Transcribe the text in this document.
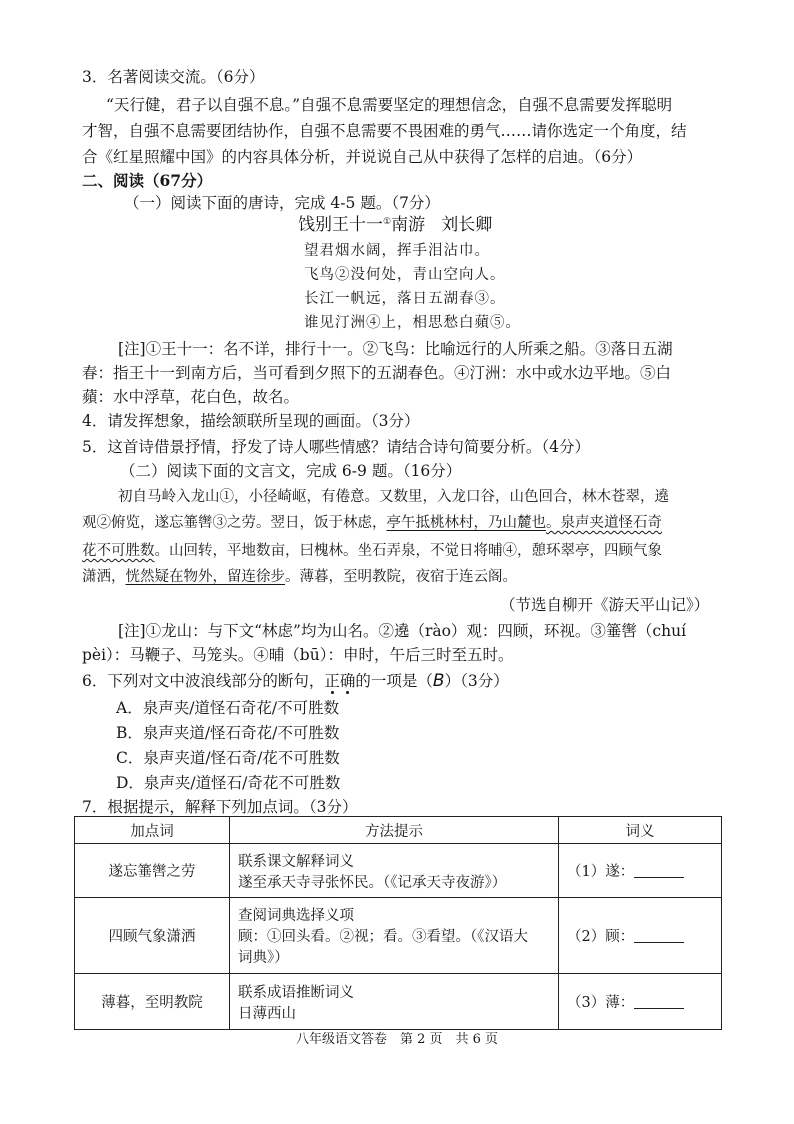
3．名著阅读交流。（6分）
“天行健，君子以自强不息。”自强不息需要坚定的理想信念，自强不息需要发挥聪明
才智，自强不息需要团结协作，自强不息需要不畏困难的勇气……请你选定一个角度，结
合《红星照耀中国》的内容具体分析，并说说自己从中获得了怎样的启迪。（6分）
二、阅读（67分）
（一）阅读下面的唐诗，完成 4-5 题。（7分）
饯别王十一①南游 刘长卿
望君烟水阔，挥手泪沾巾。
飞鸟②没何处，青山空向人。
长江一帆远，落日五湖春③。
谁见汀洲④上，相思愁白蘋⑤。
[注]①王十一：名不详，排行十一。②飞鸟：比喻远行的人所乘之船。③落日五湖
春：指王十一到南方后，当可看到夕照下的五湖春色。④汀洲：水中或水边平地。⑤白
蘋：水中浮草，花白色，故名。
4．请发挥想象，描绘颔联所呈现的画面。（3分）
5．这首诗借景抒情，抒发了诗人哪些情感？请结合诗句简要分析。（4分）
（二）阅读下面的文言文，完成 6-9 题。（16分）
初自马岭入龙山①，小径崎岖，有倦意。又数里，入龙口谷，山色回合，林木苍翠，遶
观②俯览，遂忘箠辔③之劳。翌日，饭于林虑，亭午抵桃林村，乃山麓也。泉声夹道怪石奇
花不可胜数。山回转，平地数亩，曰槐林。坐石弄泉，不觉日将晡④，憩环翠亭，四顾气象
潇洒，恍然疑在物外，留连徐步。薄暮，至明教院，夜宿于连云阁。
（节选自柳开《游天平山记》）
[注]①龙山：与下文“林虑”均为山名。②遶（rào）观：四顾，环视。③箠辔（chuí
pèi）：马鞭子、马笼头。④晡（bū）：申时，午后三时至五时。
6．下列对文中波浪线部分的断句，正确的一项是（B）（3分）
A．泉声夹/道怪石奇花/不可胜数
B．泉声夹道/怪石奇花/不可胜数
C．泉声夹道/怪石奇/花不可胜数
D．泉声夹/道怪石/奇花不可胜数
7．根据提示，解释下列加点词。（3分）
加点词	方法提示	词义
遂忘箠辔之劳	联系课文解释词义
遂至承天寺寻张怀民。（《记承天寺夜游》）	（1）遂：
四顾气象潇洒	查阅词典选择义项
顾：①回头看。②视；看。③看望。（《汉语大
词典》）	（2）顾：
薄暮，至明教院	联系成语推断词义
日薄西山	（3）薄：
八年级语文答卷　第 2 页　共 6 页
